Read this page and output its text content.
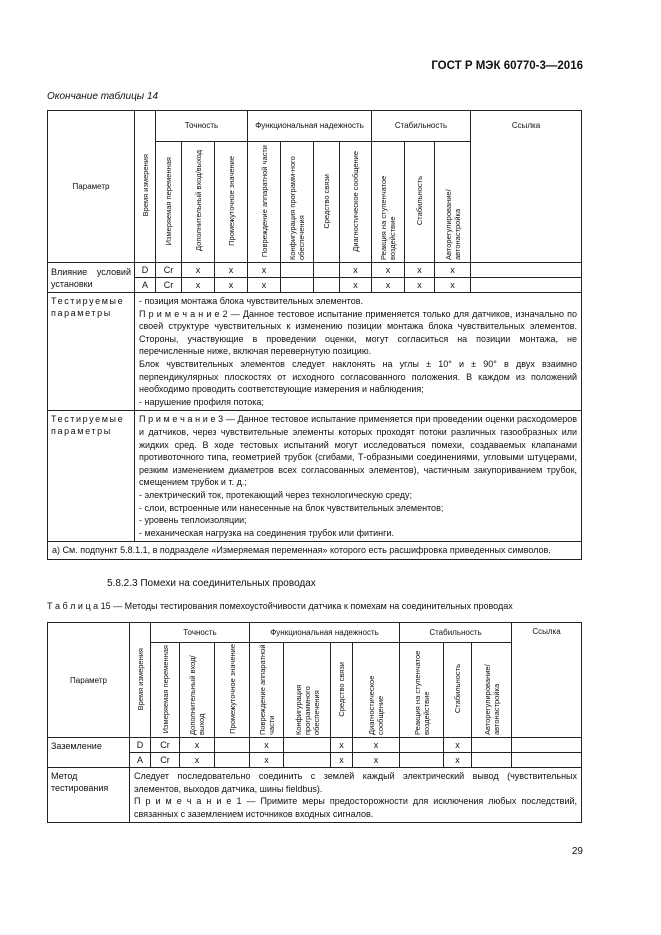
ГОСТ Р МЭК 60770-3—2016
Окончание таблицы 14
Параметр	Время измерения	Точность			Функциональная надежность				Стабильность			Ссылка
		Измеряемая переменная	Дополнительный вход/выход	Промежуточное значение	Повреждение аппаратной части	Конфигурация программ-ного обеспечения	Средство связи	Диагностическое сообщение	Реакция на ступенчатое воздействие	Стабильность	Автoрегулирование/ автонастройка	
Влияние условий установки	D	Cr	x	x	x			x	x	x	x	
	A	Cr	x	x	x			x	x	x	x	
Тестируемые параметры	- позиция монтажа блока чувствительных элементов.
П р и м е ч а н и е 2 — Данное тестовое испытание применяется только для датчиков, изначально по своей структуре чувствительных к изменению позиции монтажа блока чувствительных элементов. Стороны, участвующие в проведении оценки, могут согласиться на позиции монтажа, не перечисленные ниже, включая перевернутую позицию.
Блок чувствительных элементов следует наклонять на углы ± 10° и ± 90° в двух взаимно перпендикулярных плоскостях от исходного согласованного положения. В каждом из положений необходимо проводить соответствующие измерения и наблюдения;
- нарушение профиля потока;											

Тестируемые параметры	П р и м е ч а н и е 3 — Данное тестовое испытание применяется при проведении оценки расходомеров и датчиков, через чувствительные элементы которых проходят потоки различных газообразных или жидких сред. В ходе тестовых испытаний могут исследоваться помехи, создаваемых клапанами противоточного типа, геометрией трубок (сгибами, Т-образными соединениями, угловыми штуцерами, резким изменением диаметров всех согласованных элементов), частичным закупориванием трубок, смещением трубок и т. д.;
- электрический ток, протекающий через технологическую среду;
- слои, встроенные или нанесенные на блок чувствительных элементов;
- уровень теплоизоляции;
- механическая нагрузка на соединения трубок или фитинги.											

а) См. подпункт 5.8.1.1, в подразделе «Измеряемая переменная» которого есть расшифровка приведенных символов.												
5.8.2.3 Помехи на соединительных проводах
Т а б л и ц а 15 — Методы тестирования помехоустойчивости датчика к помехам на соединительных проводах
Параметр	Время измерения	Точность			Функциональная надежность				Стабильность			Ссылка
		Измеряемая переменная	Дополнительный вход/выход	Промежуточное значение	Повреждение аппаратной части	Конфигурация программного обеспечения	Средство связи	Диагностическое сообщение	Реакция на ступенчатое воздействие	Стабильность	Автoрегулирование/ автонастройка	
Заземление	D	Cr	x		x		x	x		x		
	A	Cr	x		x		x	x		x		
Метод тестирования	Следует последовательно соединить с землей каждый электрический вывод (чувствительных элементов, выходов датчика, шины fieldbus).
П р и м е ч а н и е 1 — Примите меры предосторожности для исключения любых последствий, связанных с заземлением источников входных сигналов.											
29
